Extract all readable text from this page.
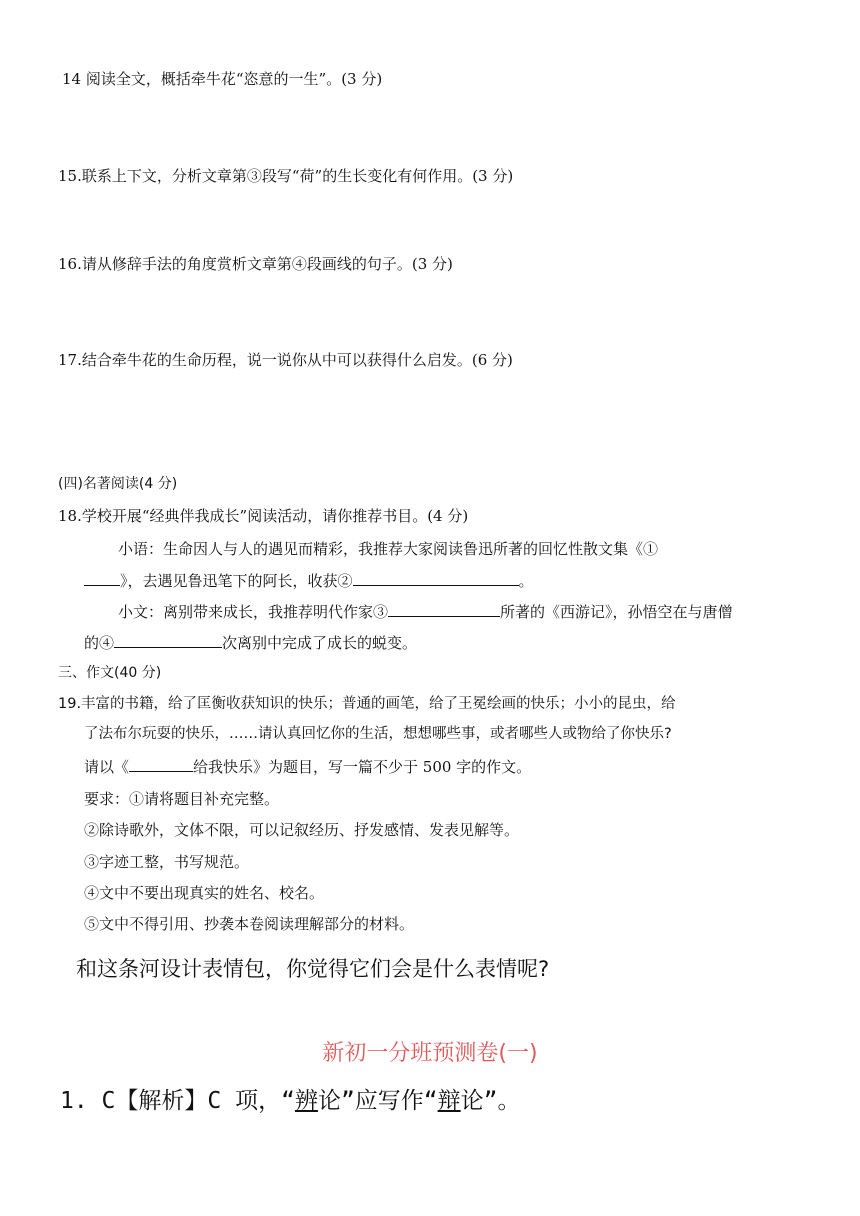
14 阅读全文，概括牵牛花“恣意的一生”。(3 分)
15.联系上下文，分析文章第③段写“荷”的生长变化有何作用。(3 分)
16.请从修辞手法的角度赏析文章第④段画线的句子。(3 分)
17.结合牵牛花的生命历程，说一说你从中可以获得什么启发。(6 分)
(四)名著阅读(4 分)
18.学校开展“经典伴我成长”阅读活动，请你推荐书目。(4 分)
小语：生命因人与人的遇见而精彩，我推荐大家阅读鲁迅所著的回忆性散文集《①
》，去遇见鲁迅笔下的阿长，收获②	。
小文：离别带来成长，我推荐明代作家③	所著的《西游记》，孙悟空在与唐僧
的④	次离别中完成了成长的蜕变。
三、作文(40 分)
19.丰富的书籍，给了匡衡收获知识的快乐；普通的画笔，给了王冕绘画的快乐；小小的昆虫，给
了法布尔玩耍的快乐，……请认真回忆你的生活，想想哪些事，或者哪些人或物给了你快乐?
请以《	给我快乐》为题目，写一篇不少于 500 字的作文。
要求：①请将题目补充完整。
②除诗歌外，文体不限，可以记叙经历、抒发感情、发表见解等。
③字迹工整，书写规范。
④文中不要出现真实的姓名、校名。
⑤文中不得引用、抄袭本卷阅读理解部分的材料。
和这条河设计表情包，你觉得它们会是什么表情呢?
新初一分班预测卷(一)
1. C【解析】C 项，“辨论”应写作“辩论”。
